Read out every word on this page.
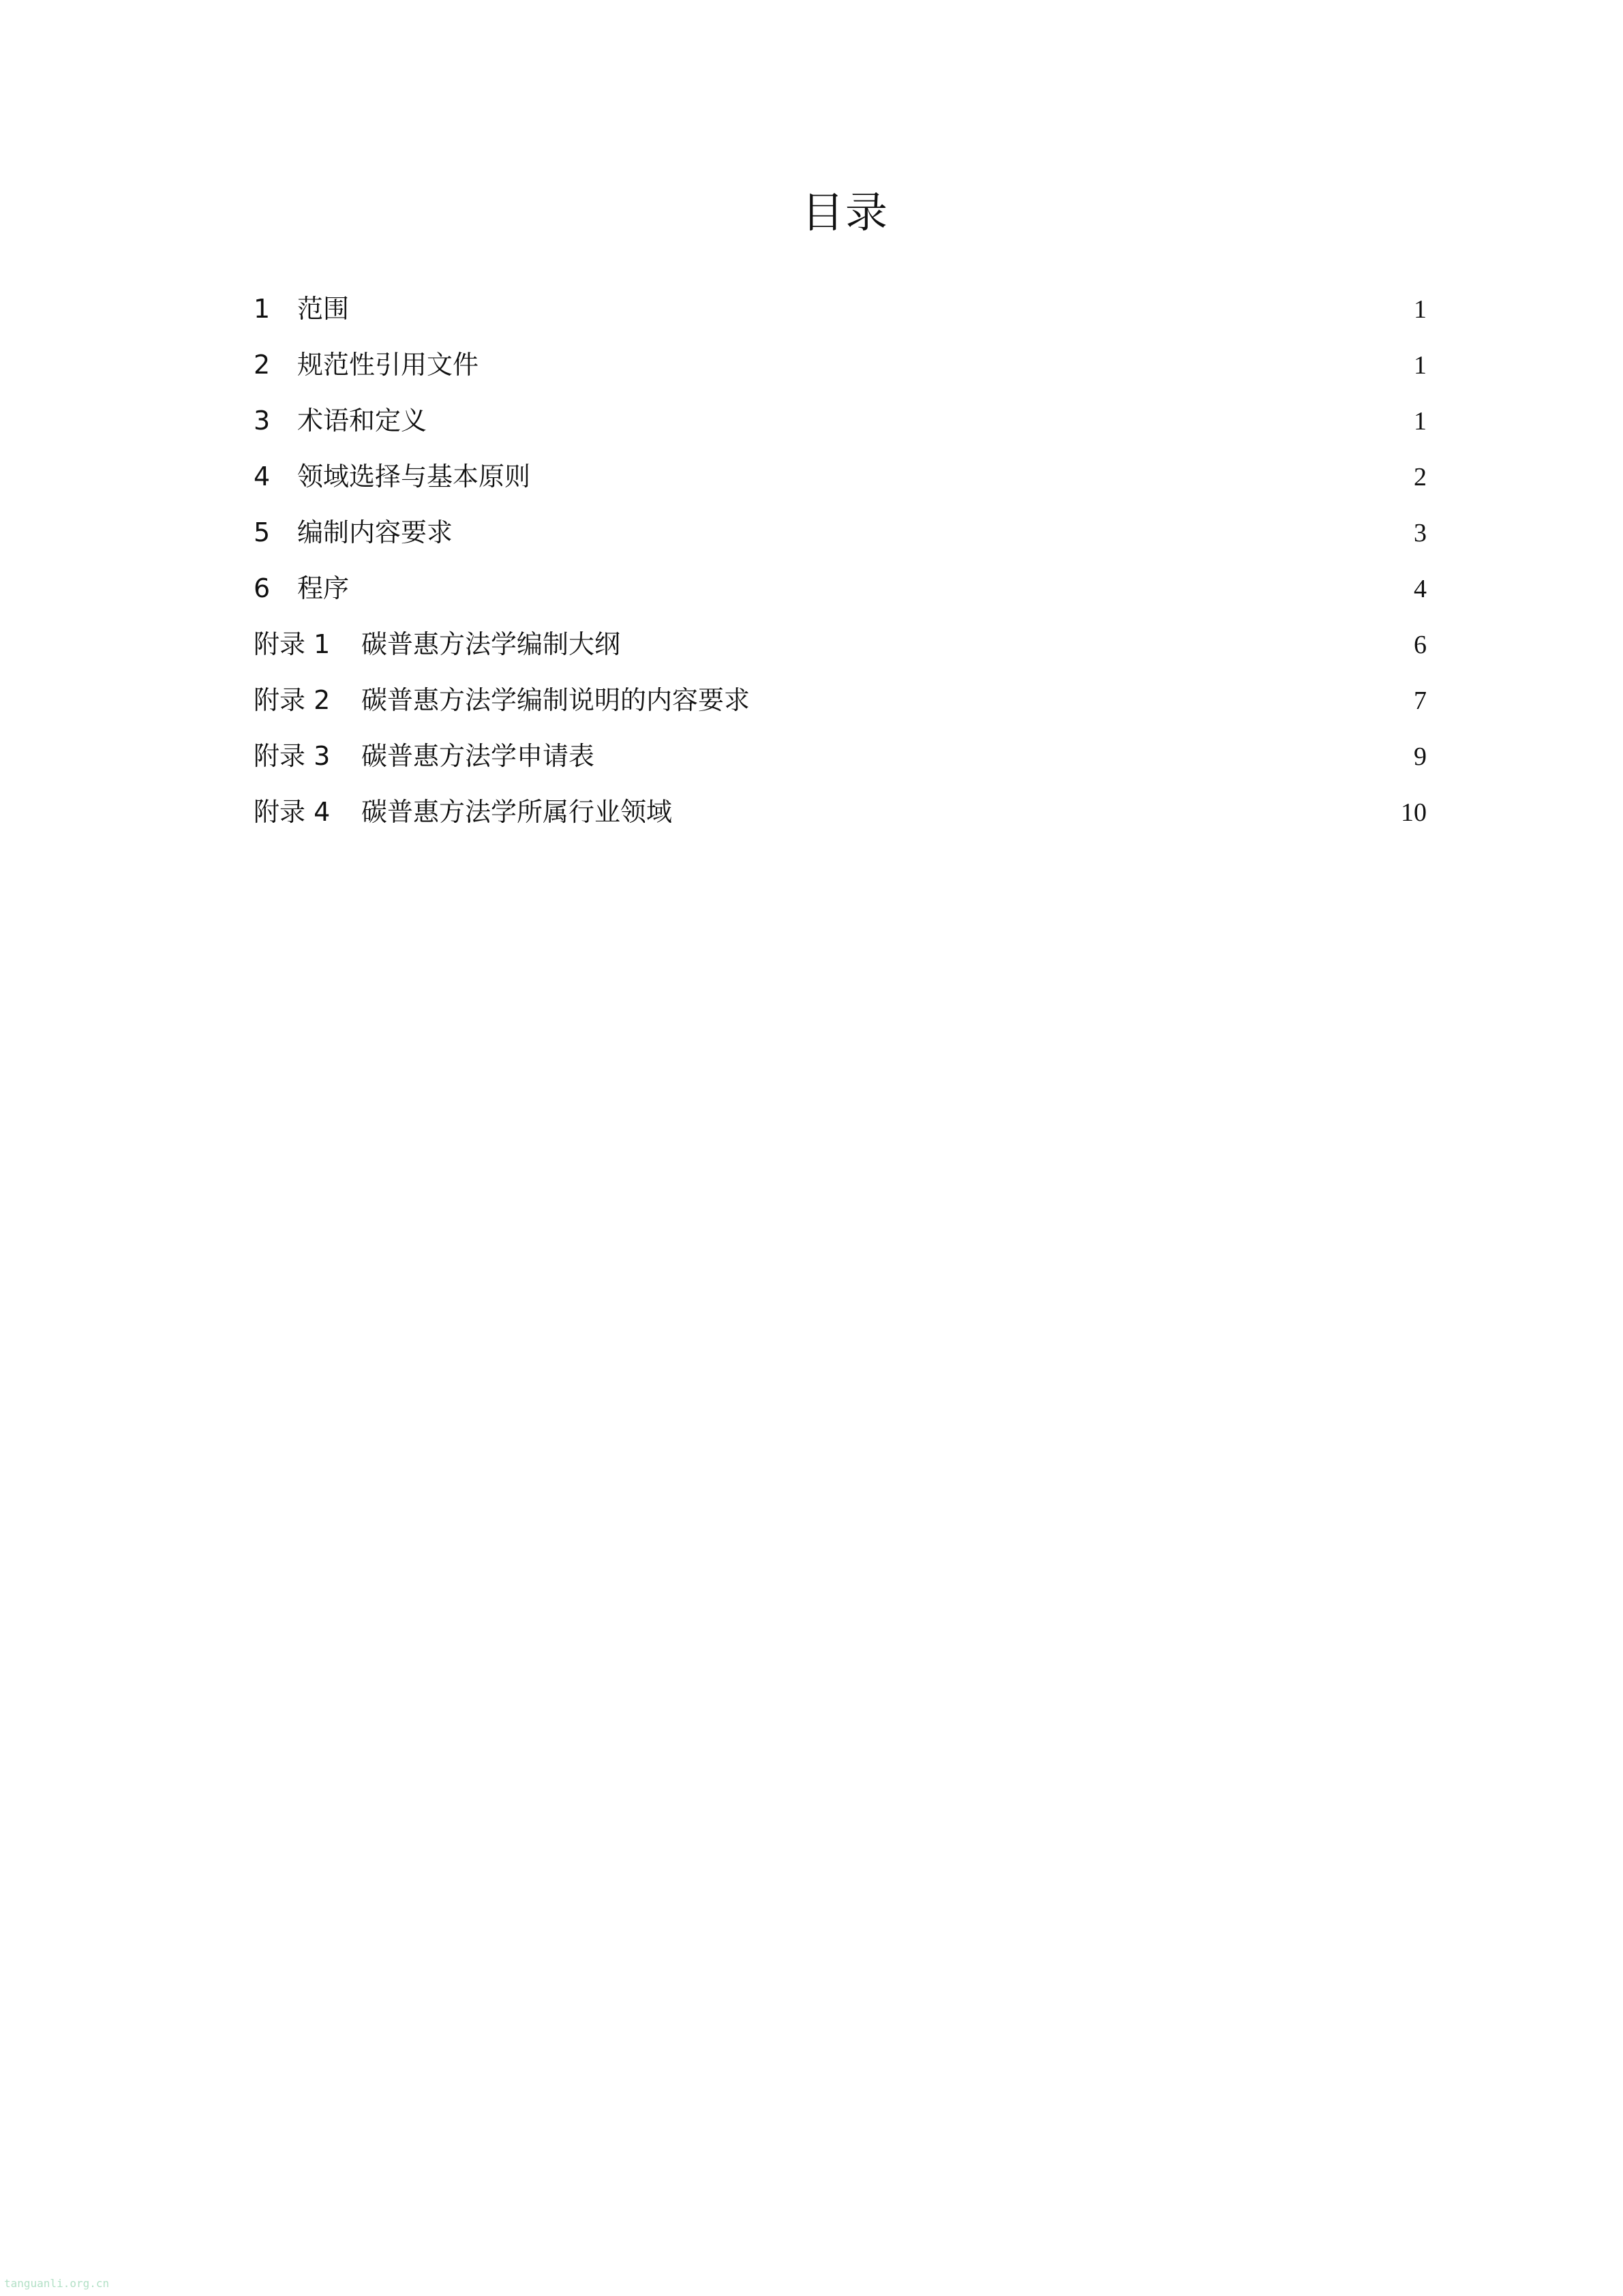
目录
1	范围	1
2	规范性引用文件	1
3	术语和定义	1
4	领域选择与基本原则	2
5	编制内容要求	3
6	程序	4
附录 1	碳普惠方法学编制大纲	6
附录 2	碳普惠方法学编制说明的内容要求	7
附录 3	碳普惠方法学申请表	9
附录 4	碳普惠方法学所属行业领域	10
tanguanli.org.cn
